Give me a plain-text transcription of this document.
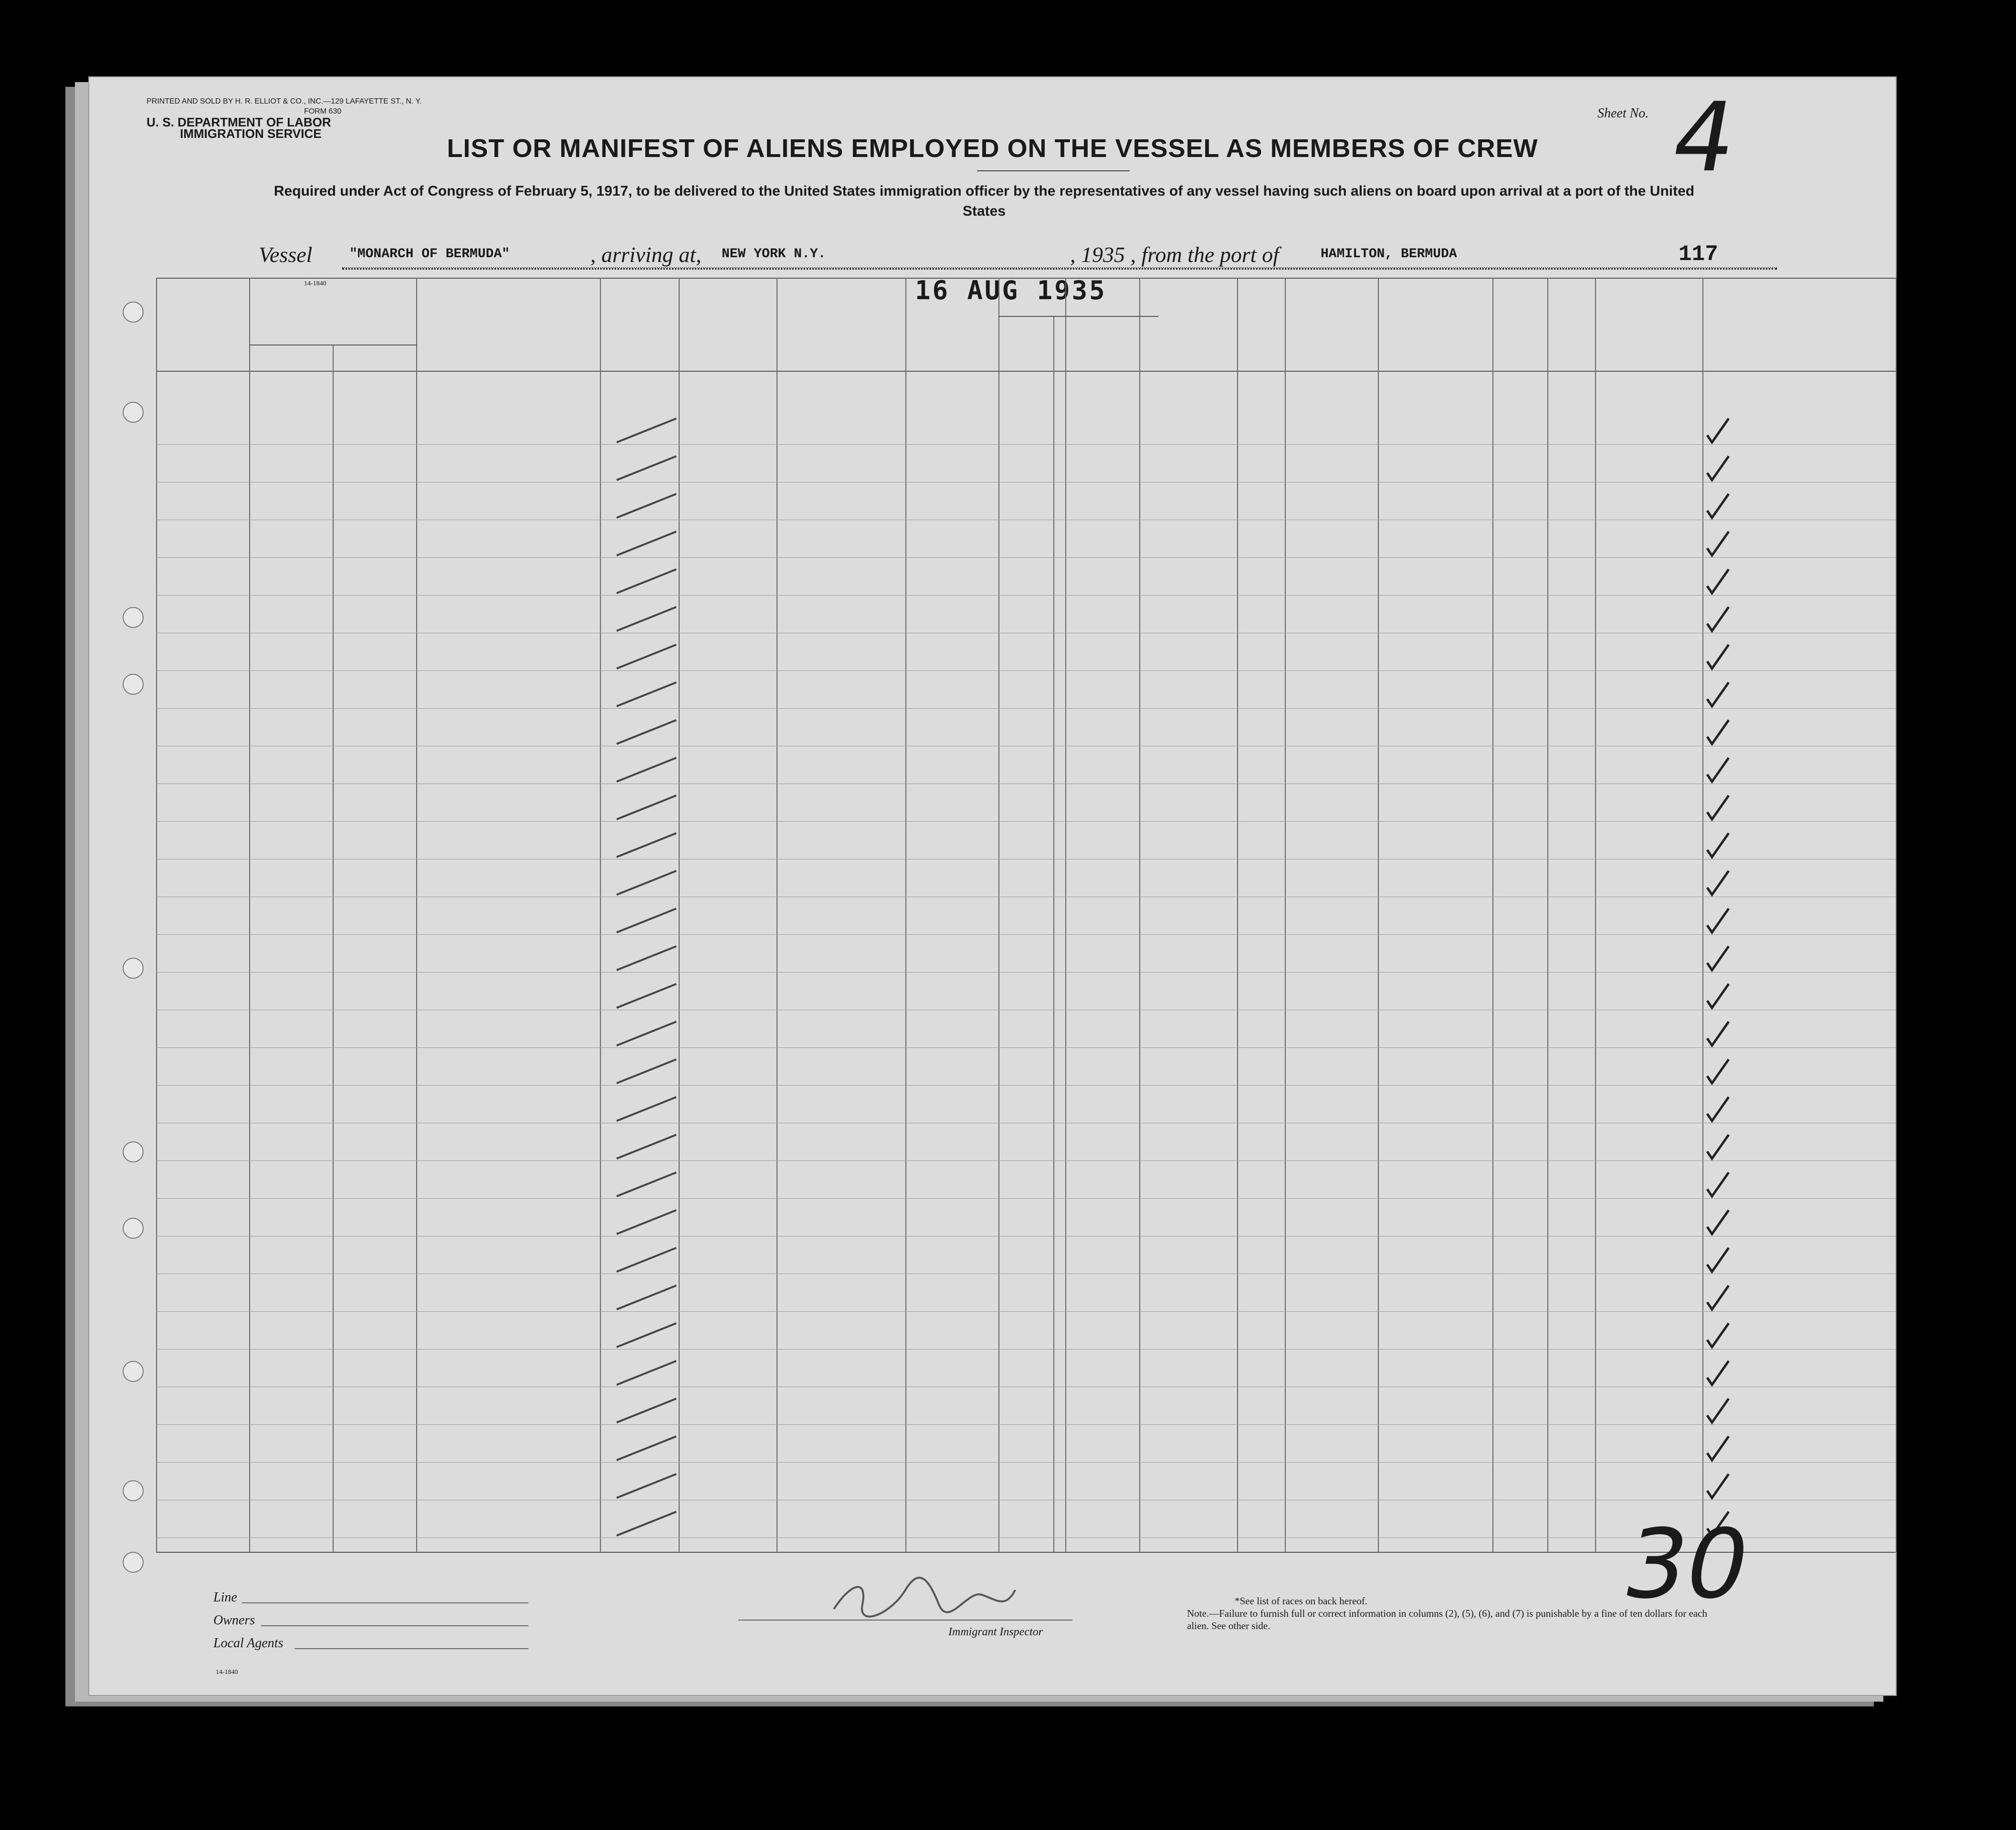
PRINTED AND SOLD BY H. R. ELLIOT & CO., INC.—129 LAFAYETTE ST., N. Y.
FORM 630
U. S. DEPARTMENT OF LABOR
IMMIGRATION SERVICE
Sheet No. 4
LIST OR MANIFEST OF ALIENS EMPLOYED ON THE VESSEL AS MEMBERS OF CREW
Required under Act of Congress of February 5, 1917, to be delivered to the United States immigration officer by the representatives of any vessel having such aliens on board upon arrival at a port of the United States
Vessel	"MONARCH OF BERMUDA"	, arriving at, NEW YORK N.Y.	, 1935 , from the port of	HAMILTON, BERMUDA	117
16 AUG 1935
14-1840
Line
Owners
Local Agents
14-1840
Immigrant Inspector
*See list of races on back hereof.
Note.—Failure to furnish full or correct information in columns (2), (5), (6), and (7) is punishable by a fine of ten dollars for each alien. See other side.
30
